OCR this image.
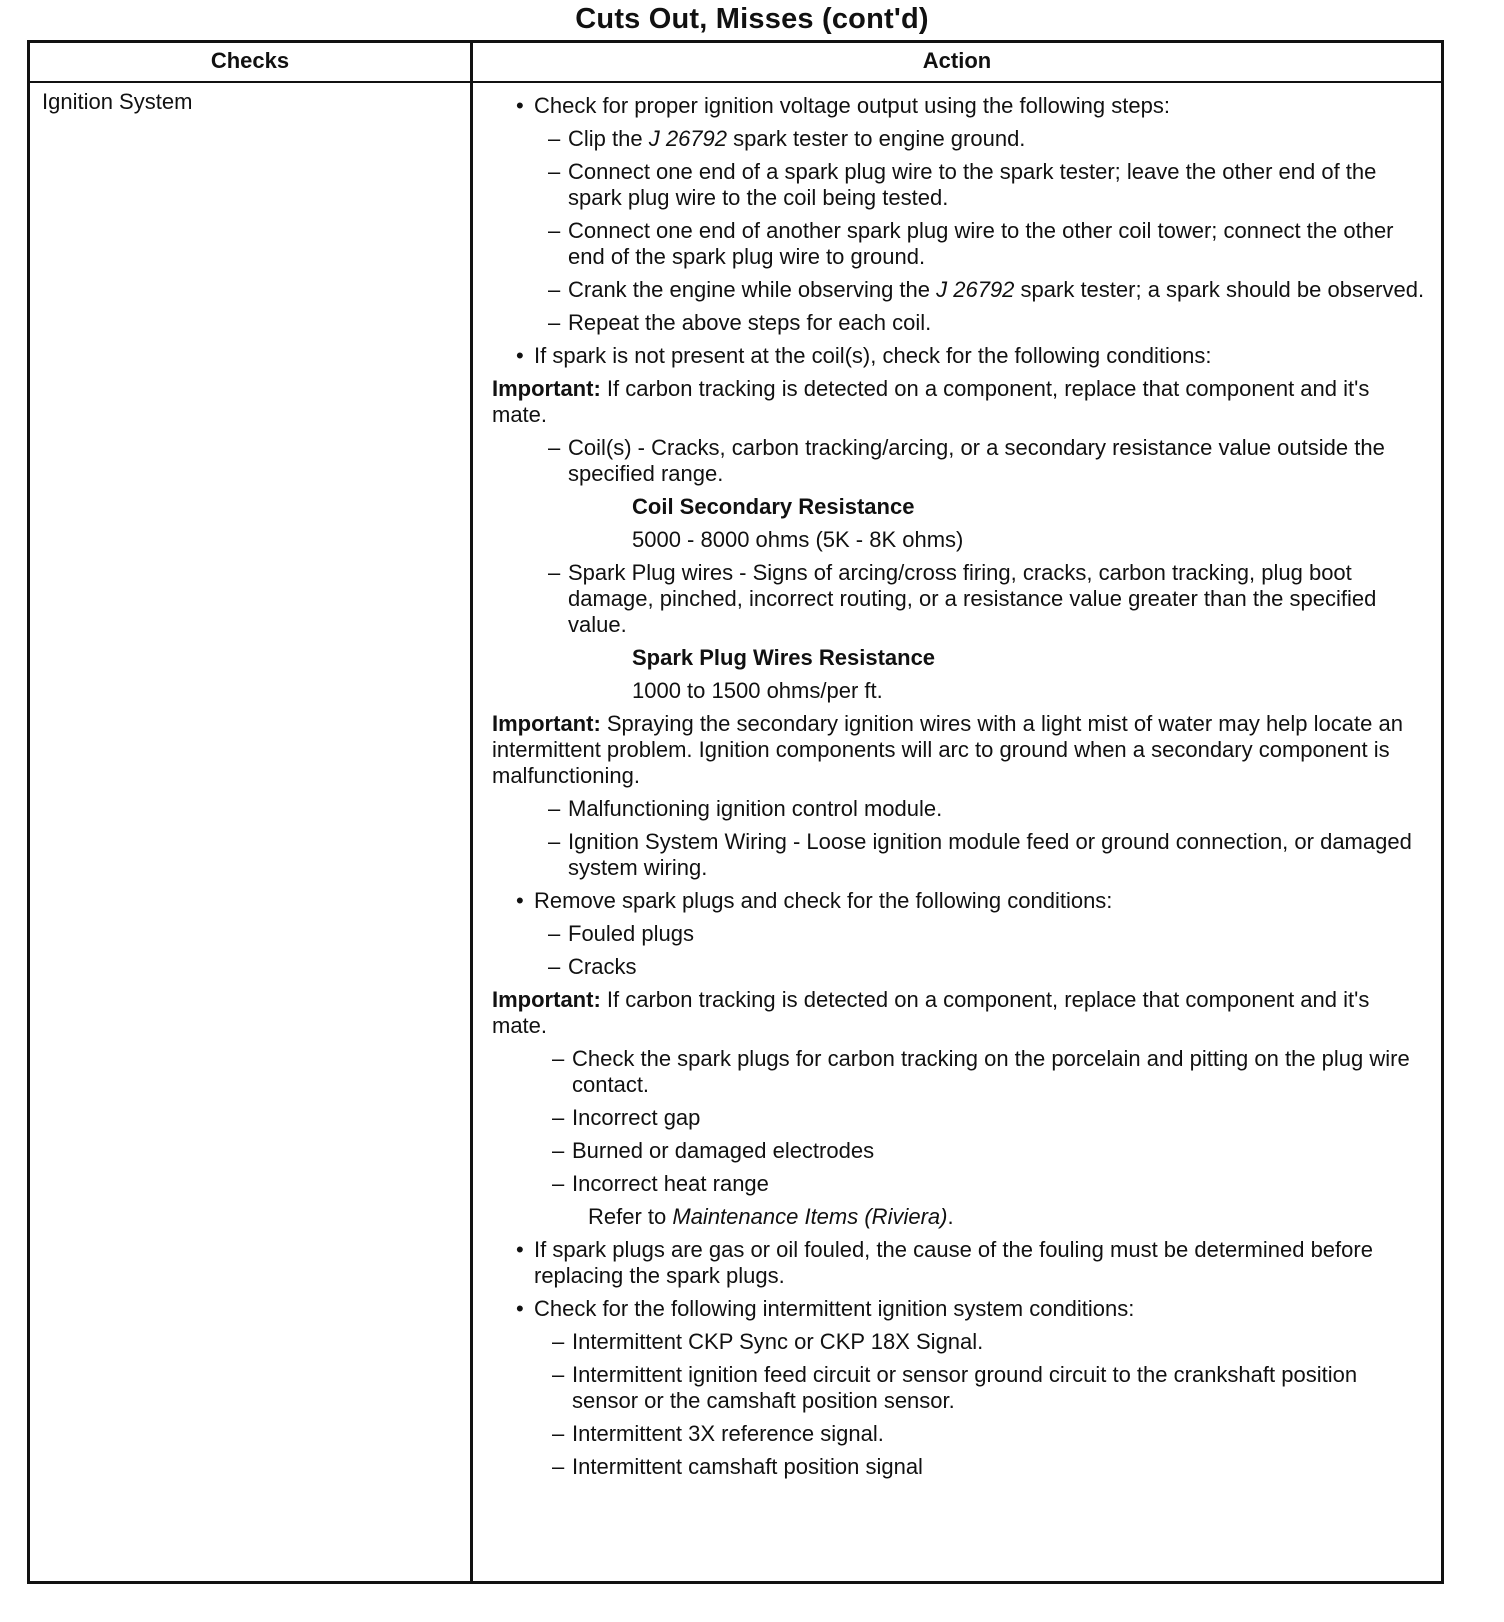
Cuts Out, Misses (cont'd)
Checks	Action
Ignition System	• Check for proper ignition voltage output using the following steps:
– Clip the J 26792 spark tester to engine ground.
– Connect one end of a spark plug wire to the spark tester; leave the other end of the spark plug wire to the coil being tested.
– Connect one end of another spark plug wire to the other coil tower; connect the other end of the spark plug wire to ground.
– Crank the engine while observing the J 26792 spark tester; a spark should be observed.
– Repeat the above steps for each coil.
• If spark is not present at the coil(s), check for the following conditions:
Important: If carbon tracking is detected on a component, replace that component and it's mate.
– Coil(s) - Cracks, carbon tracking/arcing, or a secondary resistance value outside the specified range.
Coil Secondary Resistance
5000 - 8000 ohms (5K - 8K ohms)
– Spark Plug wires - Signs of arcing/cross firing, cracks, carbon tracking, plug boot damage, pinched, incorrect routing, or a resistance value greater than the specified value.
Spark Plug Wires Resistance
1000 to 1500 ohms/per ft.
Important: Spraying the secondary ignition wires with a light mist of water may help locate an intermittent problem. Ignition components will arc to ground when a secondary component is malfunctioning.
– Malfunctioning ignition control module.
– Ignition System Wiring - Loose ignition module feed or ground connection, or damaged system wiring.
• Remove spark plugs and check for the following conditions:
– Fouled plugs
– Cracks
Important: If carbon tracking is detected on a component, replace that component and it's mate.
– Check the spark plugs for carbon tracking on the porcelain and pitting on the plug wire contact.
– Incorrect gap
– Burned or damaged electrodes
– Incorrect heat range
Refer to Maintenance Items (Riviera).
• If spark plugs are gas or oil fouled, the cause of the fouling must be determined before replacing the spark plugs.
• Check for the following intermittent ignition system conditions:
– Intermittent CKP Sync or CKP 18X Signal.
– Intermittent ignition feed circuit or sensor ground circuit to the crankshaft position sensor or the camshaft position sensor.
– Intermittent 3X reference signal.
– Intermittent camshaft position signal
